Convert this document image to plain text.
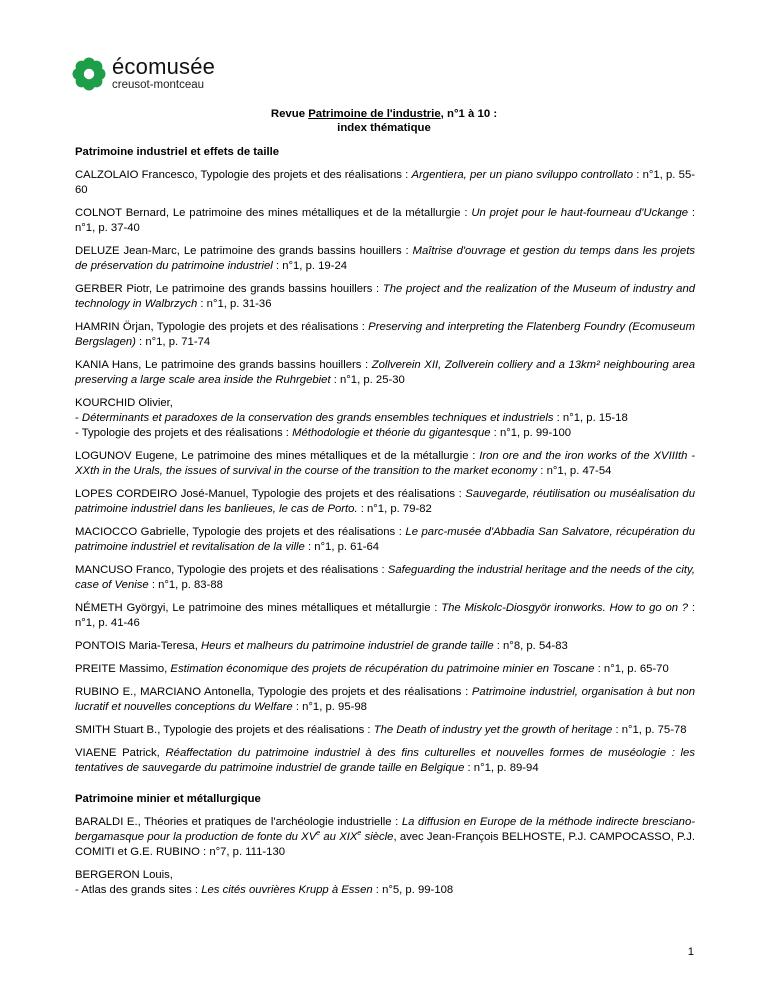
écomusée
creusot-montceau
Revue Patrimoine de l'industrie, n°1 à 10 :
index thématique
Patrimoine industriel et effets de taille
CALZOLAIO Francesco, Typologie des projets et des réalisations : Argentiera, per un piano sviluppo controllato : n°1, p. 55-60
COLNOT Bernard, Le patrimoine des mines métalliques et de la métallurgie : Un projet pour le haut-fourneau d'Uckange : n°1, p. 37-40
DELUZE Jean-Marc, Le patrimoine des grands bassins houillers : Maîtrise d'ouvrage et gestion du temps dans les projets de préservation du patrimoine industriel : n°1, p. 19-24
GERBER Piotr, Le patrimoine des grands bassins houillers : The project and the realization of the Museum of industry and technology in Walbrzych : n°1, p. 31-36
HAMRIN Örjan, Typologie des projets et des réalisations : Preserving and interpreting the Flatenberg Foundry (Ecomuseum Bergslagen) : n°1, p. 71-74
KANIA Hans, Le patrimoine des grands bassins houillers : Zollverein XII, Zollverein colliery and a 13km² neighbouring area preserving a large scale area inside the Ruhrgebiet : n°1, p. 25-30
KOURCHID Olivier,
- Déterminants et paradoxes de la conservation des grands ensembles techniques et industriels : n°1, p. 15-18
- Typologie des projets et des réalisations : Méthodologie et théorie du gigantesque : n°1, p. 99-100
LOGUNOV Eugene, Le patrimoine des mines métalliques et de la métallurgie : Iron ore and the iron works of the XVIIIth - XXth in the Urals, the issues of survival in the course of the transition to the market economy : n°1, p. 47-54
LOPES CORDEIRO José-Manuel, Typologie des projets et des réalisations : Sauvegarde, réutilisation ou muséalisation du patrimoine industriel dans les banlieues, le cas de Porto. : n°1, p. 79-82
MACIOCCO Gabrielle, Typologie des projets et des réalisations : Le parc-musée d'Abbadia San Salvatore, récupération du patrimoine industriel et revitalisation de la ville : n°1, p. 61-64
MANCUSO Franco, Typologie des projets et des réalisations : Safeguarding the industrial heritage and the needs of the city, case of Venise : n°1, p. 83-88
NÉMETH Györgyi, Le patrimoine des mines métalliques et métallurgie : The Miskolc-Diosgyör ironworks. How to go on ? : n°1, p. 41-46
PONTOIS Maria-Teresa, Heurs et malheurs du patrimoine industriel de grande taille : n°8, p. 54-83
PREITE Massimo, Estimation économique des projets de récupération du patrimoine minier en Toscane : n°1, p. 65-70
RUBINO E., MARCIANO Antonella, Typologie des projets et des réalisations : Patrimoine industriel, organisation à but non lucratif et nouvelles conceptions du Welfare : n°1, p. 95-98
SMITH Stuart B., Typologie des projets et des réalisations : The Death of industry yet the growth of heritage : n°1, p. 75-78
VIAENE Patrick, Réaffectation du patrimoine industriel à des fins culturelles et nouvelles formes de muséologie : les tentatives de sauvegarde du patrimoine industriel de grande taille en Belgique : n°1, p. 89-94
Patrimoine minier et métallurgique
BARALDI E., Théories et pratiques de l'archéologie industrielle : La diffusion en Europe de la méthode indirecte bresciano-bergamasque pour la production de fonte du XVe au XIXe siècle, avec Jean-François BELHOSTE, P.J. CAMPOCASSO, P.J. COMITI et G.E. RUBINO : n°7, p. 111-130
BERGERON Louis,
- Atlas des grands sites : Les cités ouvrières Krupp à Essen : n°5, p. 99-108
1
